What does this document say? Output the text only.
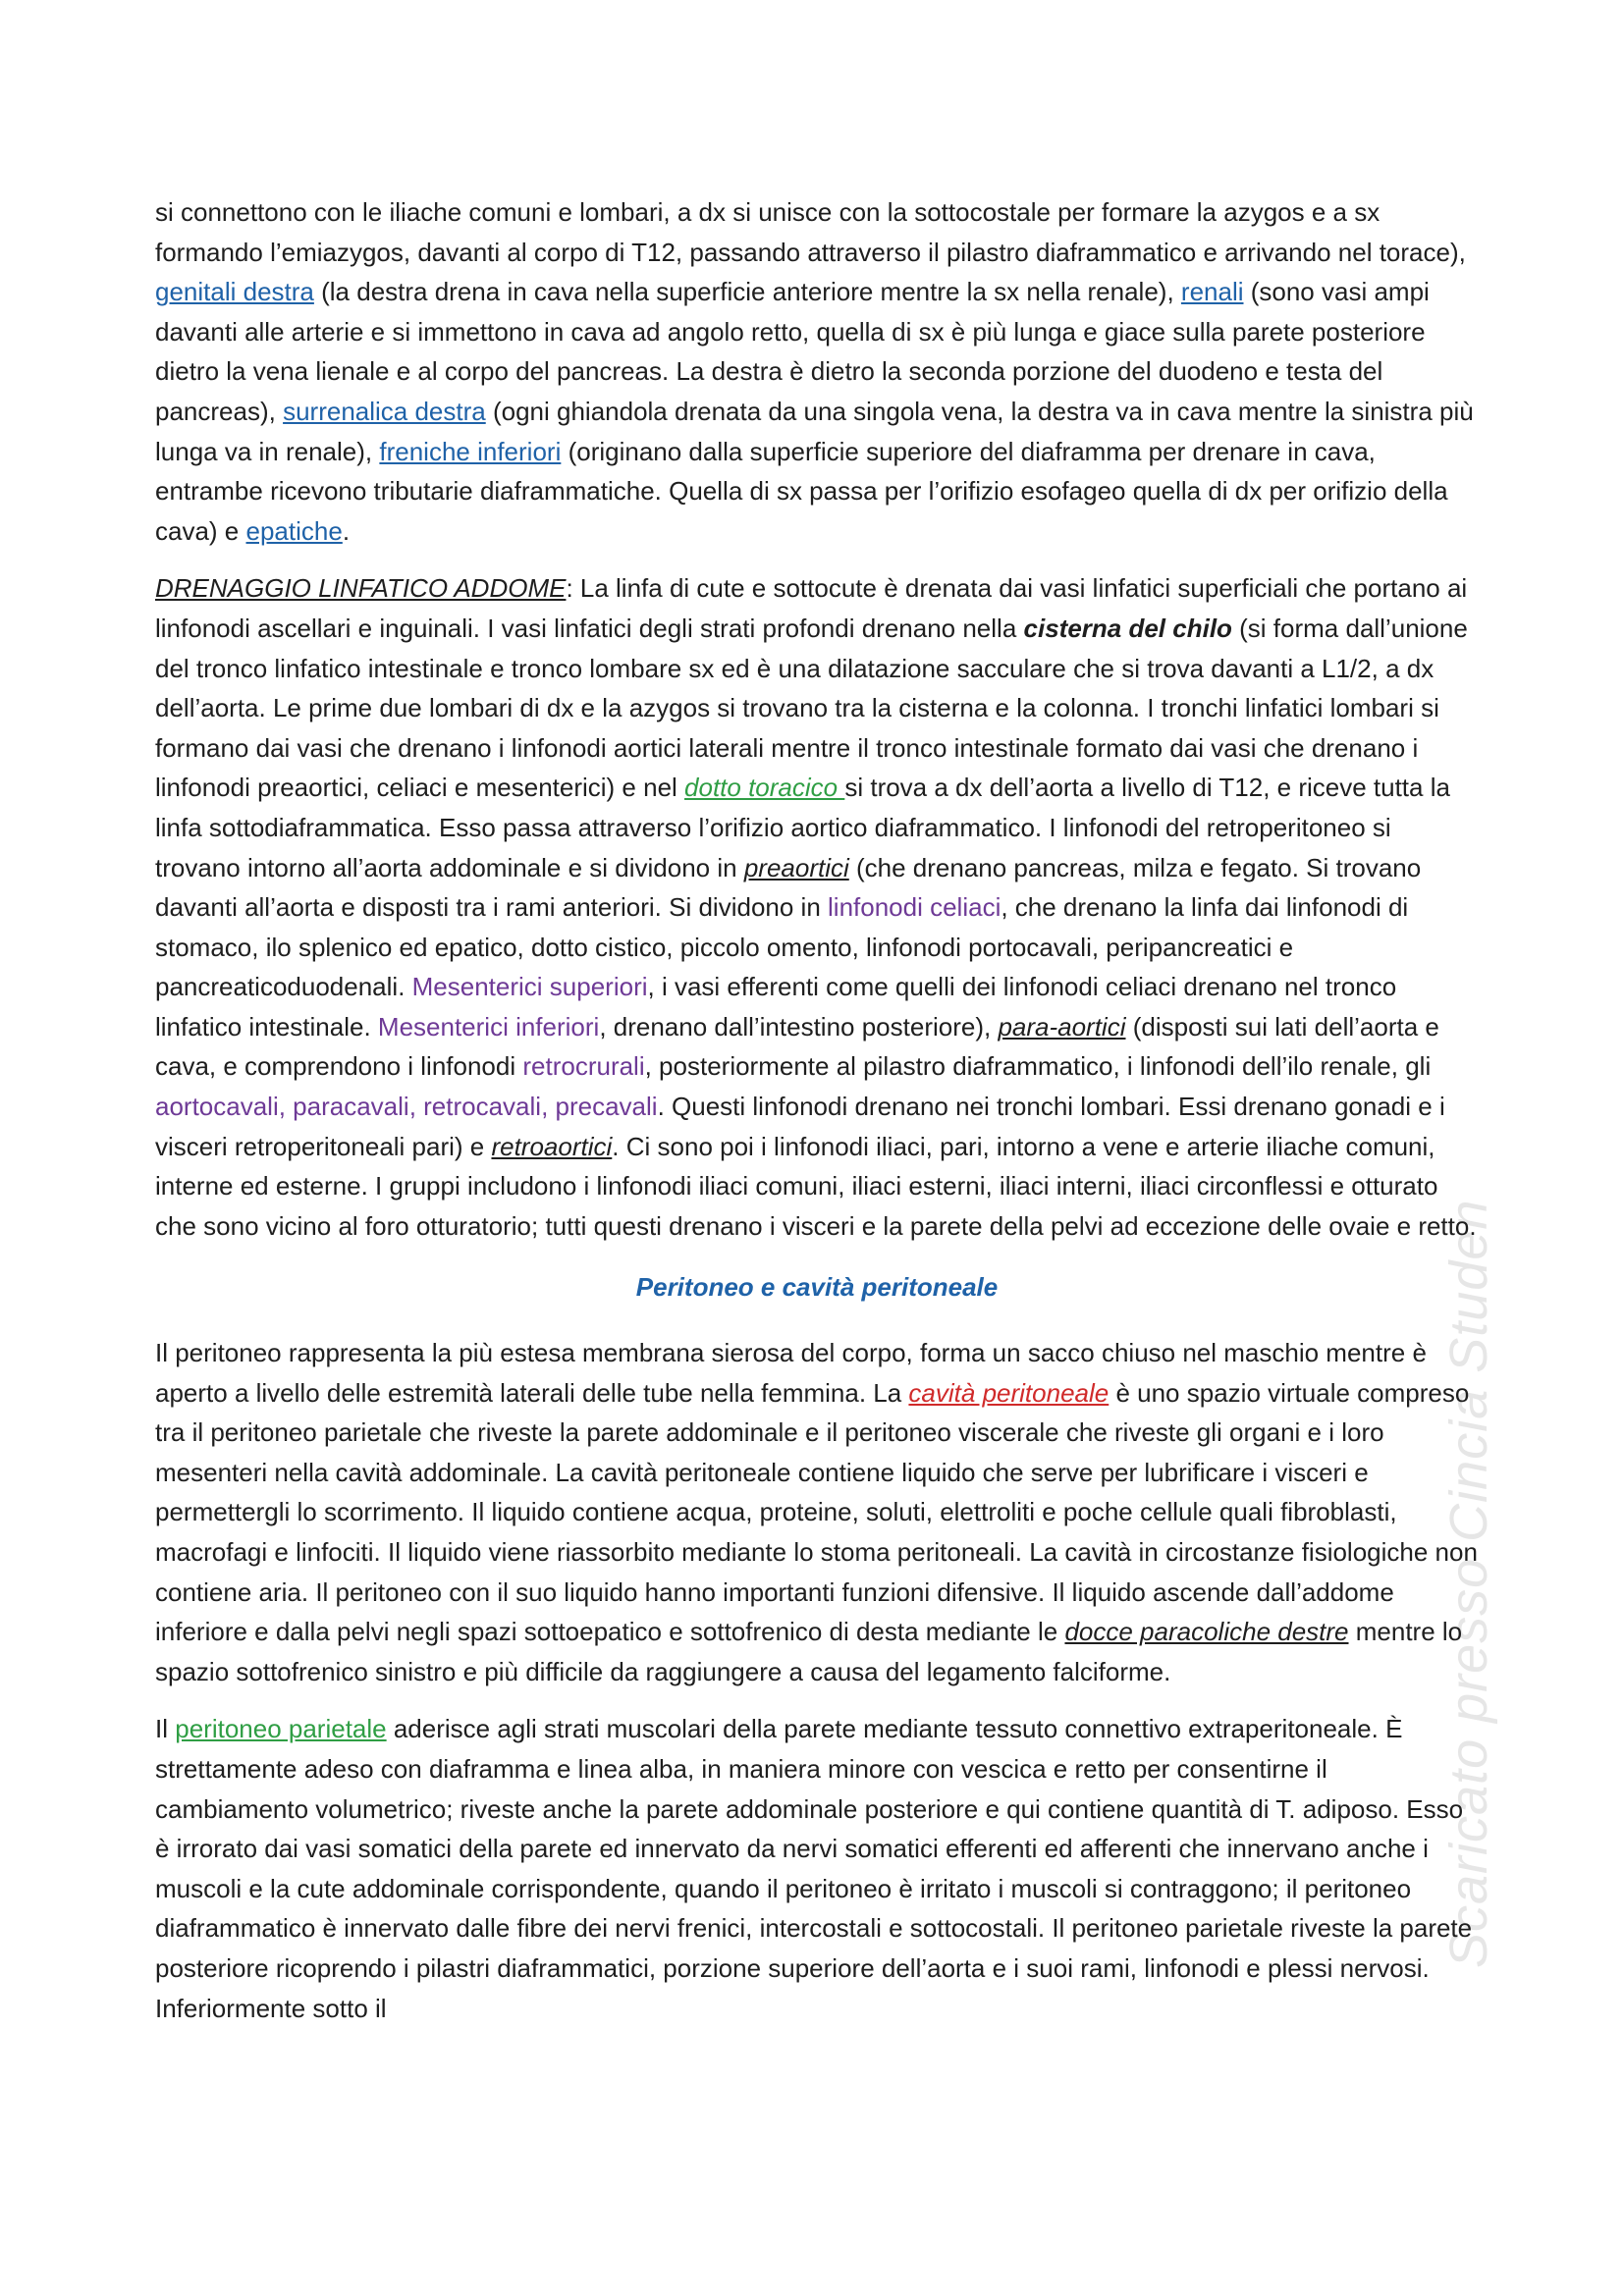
Scaricato presso Cincia Studen

si connettono con le iliache comuni e lombari, a dx si unisce con la sottocostale per formare la azygos e a sx formando l’emiazygos, davanti al corpo di T12, passando attraverso il pilastro diaframmatico e arrivando nel torace), genitali destra (la destra drena in cava nella superficie anteriore mentre la sx nella renale), renali (sono vasi ampi davanti alle arterie e si immettono in cava ad angolo retto, quella di sx è più lunga e giace sulla parete posteriore dietro la vena lienale e al corpo del pancreas. La destra è dietro la seconda porzione del duodeno e testa del pancreas), surrenalica destra (ogni ghiandola drenata da una singola vena, la destra va in cava mentre la sinistra più lunga va in renale), freniche inferiori (originano dalla superficie superiore del diaframma per drenare in cava, entrambe ricevono tributarie diaframmatiche. Quella di sx passa per l’orifizio esofageo quella di dx per orifizio della cava) e epatiche.

DRENAGGIO LINFATICO ADDOME: La linfa di cute e sottocute è drenata dai vasi linfatici superficiali che portano ai linfonodi ascellari e inguinali. I vasi linfatici degli strati profondi drenano nella cisterna del chilo (si forma dall’unione del tronco linfatico intestinale e tronco lombare sx ed è una dilatazione sacculare che si trova davanti a L1/2, a dx dell’aorta. Le prime due lombari di dx e la azygos si trovano tra la cisterna e la colonna. I tronchi linfatici lombari si formano dai vasi che drenano i linfonodi aortici laterali mentre il tronco intestinale formato dai vasi che drenano i linfonodi preaortici, celiaci e mesenterici) e nel dotto toracico si trova a dx dell’aorta a livello di T12, e riceve tutta la linfa sottodiaframmatica. Esso passa attraverso l’orifizio aortico diaframmatico. I linfonodi del retroperitoneo si trovano intorno all’aorta addominale e si dividono in preaortici (che drenano pancreas, milza e fegato. Si trovano davanti all’aorta e disposti tra i rami anteriori. Si dividono in linfonodi celiaci, che drenano la linfa dai linfonodi di stomaco, ilo splenico ed epatico, dotto cistico, piccolo omento, linfonodi portocavali, peripancreatici e pancreaticoduodenali. Mesenterici superiori, i vasi efferenti come quelli dei linfonodi celiaci drenano nel tronco linfatico intestinale. Mesenterici inferiori, drenano dall’intestino posteriore), para-aortici (disposti sui lati dell’aorta e cava, e comprendono i linfonodi retrocrurali, posteriormente al pilastro diaframmatico, i linfonodi dell’ilo renale, gli aortocavali, paracavali, retrocavali, precavali. Questi linfonodi drenano nei tronchi lombari. Essi drenano gonadi e i visceri retroperitoneali pari) e retroaortici. Ci sono poi i linfonodi iliaci, pari, intorno a vene e arterie iliache comuni, interne ed esterne. I gruppi includono i linfonodi iliaci comuni, iliaci esterni, iliaci interni, iliaci circonflessi e otturato che sono vicino al foro otturatorio; tutti questi drenano i visceri e la parete della pelvi ad eccezione delle ovaie e retto.

Peritoneo e cavità peritoneale

Il peritoneo rappresenta la più estesa membrana sierosa del corpo, forma un sacco chiuso nel maschio mentre è aperto a livello delle estremità laterali delle tube nella femmina. La cavità peritoneale è uno spazio virtuale compreso tra il peritoneo parietale che riveste la parete addominale e il peritoneo viscerale che riveste gli organi e i loro mesenteri nella cavità addominale. La cavità peritoneale contiene liquido che serve per lubrificare i visceri e permettergli lo scorrimento. Il liquido contiene acqua, proteine, soluti, elettroliti e poche cellule quali fibroblasti, macrofagi e linfociti. Il liquido viene riassorbito mediante lo stoma peritoneali. La cavità in circostanze fisiologiche non contiene aria. Il peritoneo con il suo liquido hanno importanti funzioni difensive. Il liquido ascende dall’addome inferiore e dalla pelvi negli spazi sottoepatico e sottofrenico di desta mediante le docce paracoliche destre mentre lo spazio sottofrenico sinistro e più difficile da raggiungere a causa del legamento falciforme.

Il peritoneo parietale aderisce agli strati muscolari della parete mediante tessuto connettivo extraperitoneale. È strettamente adeso con diaframma e linea alba, in maniera minore con vescica e retto per consentirne il cambiamento volumetrico; riveste anche la parete addominale posteriore e qui contiene quantità di T. adiposo. Esso è irrorato dai vasi somatici della parete ed innervato da nervi somatici efferenti ed afferenti che innervano anche i muscoli e la cute addominale corrispondente, quando il peritoneo è irritato i muscoli si contraggono; il peritoneo diaframmatico è innervato dalle fibre dei nervi frenici, intercostali e sottocostali. Il peritoneo parietale riveste la parete posteriore ricoprendo i pilastri diaframmatici, porzione superiore dell’aorta e i suoi rami, linfonodi e plessi nervosi. Inferiormente sotto il
